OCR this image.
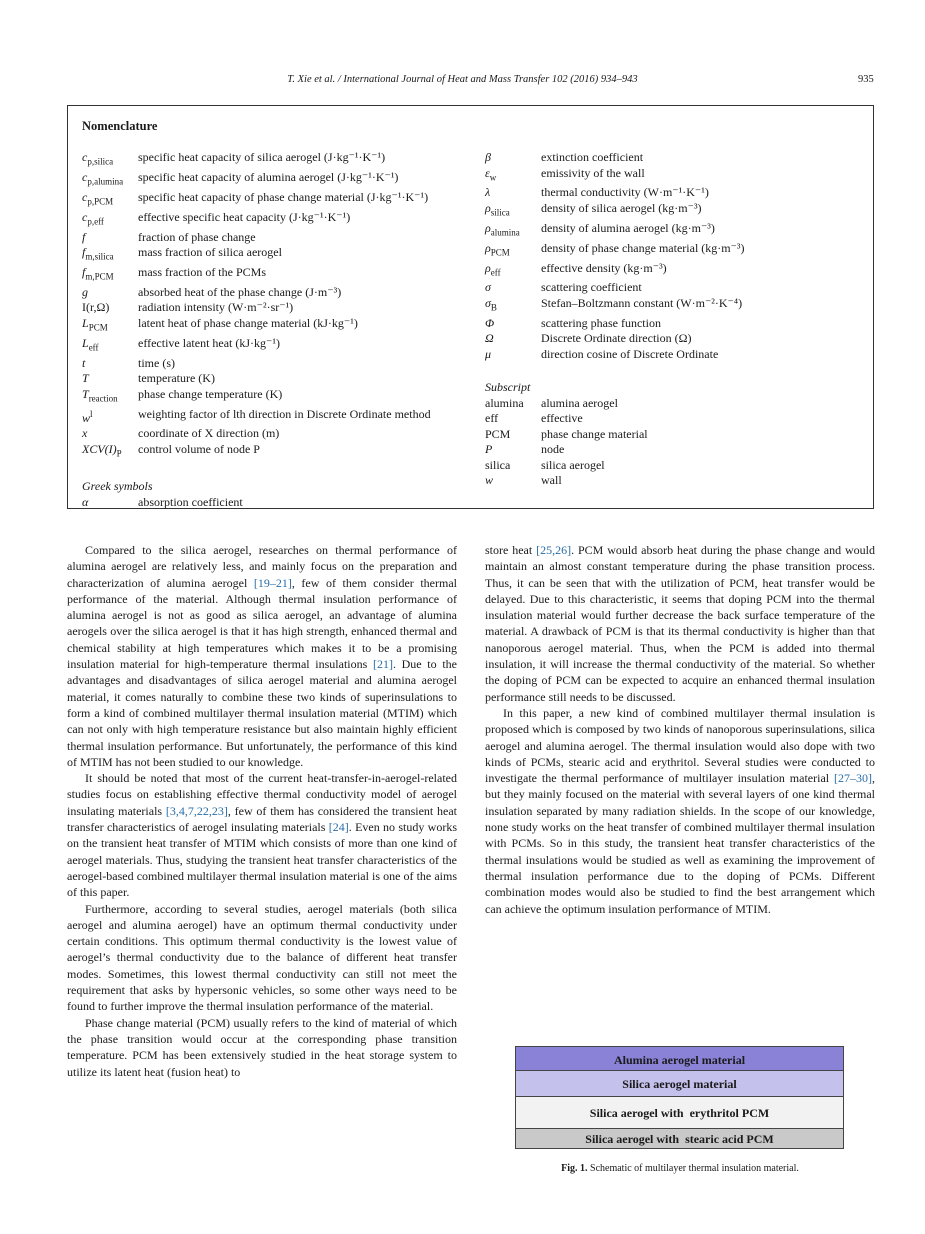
T. Xie et al. / International Journal of Heat and Mass Transfer 102 (2016) 934–943	935
Nomenclature
$c_{p,silica}$	specific heat capacity of silica aerogel (J·kg⁻¹·K⁻¹)
$c_{p,alumina}$	specific heat capacity of alumina aerogel (J·kg⁻¹·K⁻¹)
$c_{p,PCM}$	specific heat capacity of phase change material (J·kg⁻¹·K⁻¹)
$c_{p,eff}$	effective specific heat capacity (J·kg⁻¹·K⁻¹)
f	fraction of phase change
$f_{m,silica}$	mass fraction of silica aerogel
$f_{m,PCM}$	mass fraction of the PCMs
g	absorbed heat of the phase change (J·m⁻³)
I(r,Ω)	radiation intensity (W·m⁻²·sr⁻¹)
$L_{PCM}$	latent heat of phase change material (kJ·kg⁻¹)
$L_{eff}$	effective latent heat (kJ·kg⁻¹)
t	time (s)
T	temperature (K)
$T_{reaction}$	phase change temperature (K)
$w^l$	weighting factor of lth direction in Discrete Ordinate method
x	coordinate of X direction (m)
$XCV(I)_P$	control volume of node P
Greek symbols
α	absorption coefficient
β	extinction coefficient
$\varepsilon_w$	emissivity of the wall
λ	thermal conductivity (W·m⁻¹·K⁻¹)
$\rho_{silica}$	density of silica aerogel (kg·m⁻³)
$\rho_{alumina}$	density of alumina aerogel (kg·m⁻³)
$\rho_{PCM}$	density of phase change material (kg·m⁻³)
$\rho_{eff}$	effective density (kg·m⁻³)
σ	scattering coefficient
$\sigma_B$	Stefan–Boltzmann constant (W·m⁻²·K⁻⁴)
Φ	scattering phase function
Ω	Discrete Ordinate direction (Ω)
μ	direction cosine of Discrete Ordinate
Subscript
alumina	alumina aerogel
eff	effective
PCM	phase change material
P	node
silica	silica aerogel
w	wall

Compared to the silica aerogel, researches on thermal performance of alumina aerogel are relatively less, and mainly focus on the preparation and characterization of alumina aerogel [19–21], few of them consider thermal performance of the material. Although thermal insulation performance of alumina aerogel is not as good as silica aerogel, an advantage of alumina aerogels over the silica aerogel is that it has high strength, enhanced thermal and chemical stability at high temperatures which makes it to be a promising insulation material for high-temperature thermal insulations [21]. Due to the advantages and disadvantages of silica aerogel material and alumina aerogel material, it comes naturally to combine these two kinds of superinsulations to form a kind of combined multilayer thermal insulation material (MTIM) which can not only with high temperature resistance but also maintain highly efficient thermal insulation performance. But unfortunately, the performance of this kind of MTIM has not been studied to our knowledge.

It should be noted that most of the current heat-transfer-in-aerogel-related studies focus on establishing effective thermal conductivity model of aerogel insulating materials [3,4,7,22,23], few of them has considered the transient heat transfer characteristics of aerogel insulating materials [24]. Even no study works on the transient heat transfer of MTIM which consists of more than one kind of aerogel materials. Thus, studying the transient heat transfer characteristics of the aerogel-based combined multilayer thermal insulation material is one of the aims of this paper.

Furthermore, according to several studies, aerogel materials (both silica aerogel and alumina aerogel) have an optimum thermal conductivity under certain conditions. This optimum thermal conductivity is the lowest value of aerogel’s thermal conductivity due to the balance of different heat transfer modes. Sometimes, this lowest thermal conductivity can still not meet the requirement that asks by hypersonic vehicles, so some other ways need to be found to further improve the thermal insulation performance of the material.

Phase change material (PCM) usually refers to the kind of material of which the phase transition would occur at the corresponding phase transition temperature. PCM has been extensively studied in the heat storage system to utilize its latent heat (fusion heat) to

store heat [25,26]. PCM would absorb heat during the phase change and would maintain an almost constant temperature during the phase transition process. Thus, it can be seen that with the utilization of PCM, heat transfer would be delayed. Due to this characteristic, it seems that doping PCM into the thermal insulation material would further decrease the back surface temperature of the material. A drawback of PCM is that its thermal conductivity is higher than that nanoporous aerogel material. Thus, when the PCM is added into thermal insulation, it will increase the thermal conductivity of the material. So whether the doping of PCM can be expected to acquire an enhanced thermal insulation performance still needs to be discussed.

In this paper, a new kind of combined multilayer thermal insulation is proposed which is composed by two kinds of nanoporous superinsulations, silica aerogel and alumina aerogel. The thermal insulation would also dope with two kinds of PCMs, stearic acid and erythritol. Several studies were conducted to investigate the thermal performance of multilayer insulation material [27–30], but they mainly focused on the material with several layers of one kind thermal insulation separated by many radiation shields. In the scope of our knowledge, none study works on the heat transfer of combined multilayer thermal insulation with PCMs. So in this study, the transient heat transfer characteristics of the thermal insulations would be studied as well as examining the improvement of thermal insulation performance due to the doping of PCMs. Different combination modes would also be studied to find the best arrangement which can achieve the optimum insulation performance of MTIM.

Alumina aerogel material
Silica aerogel material
Silica aerogel with  erythritol PCM
Silica aerogel with  stearic acid PCM
Fig. 1. Schematic of multilayer thermal insulation material.
